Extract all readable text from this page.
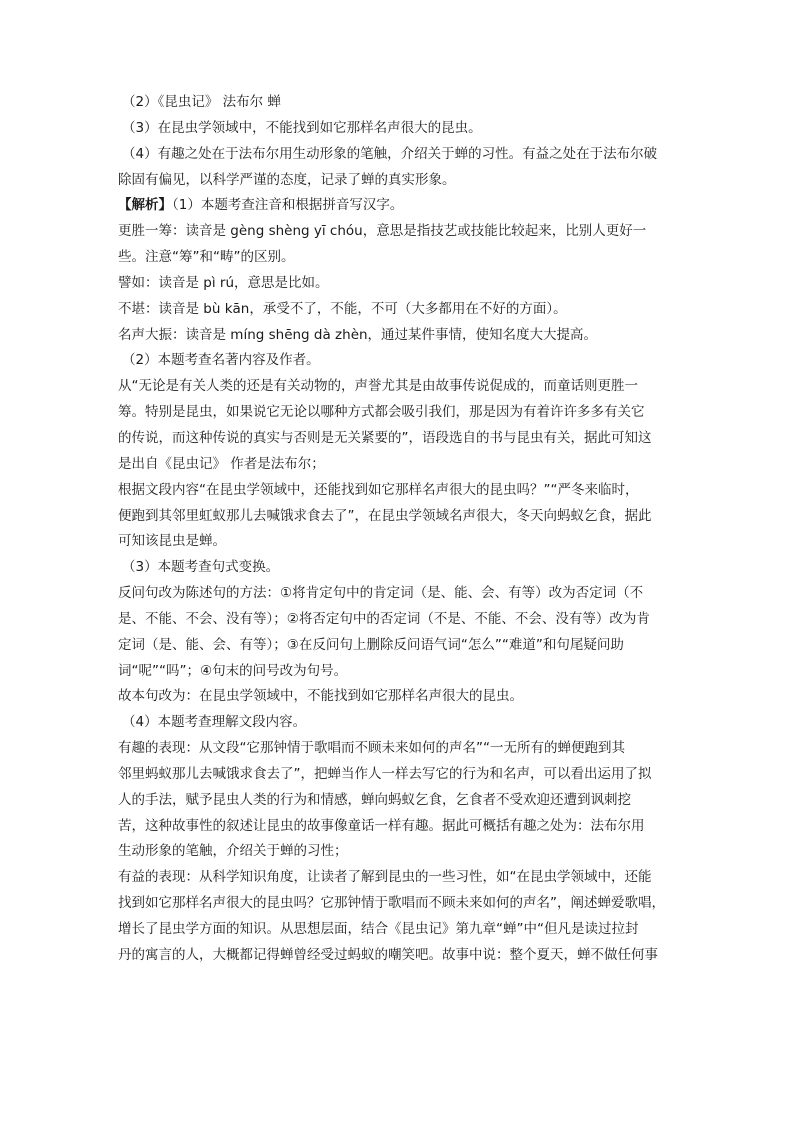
（2）《昆虫记》 法布尔 蝉
（3）在昆虫学领域中，不能找到如它那样名声很大的昆虫。
（4）有趣之处在于法布尔用生动形象的笔触，介绍关于蝉的习性。有益之处在于法布尔破
除固有偏见，以科学严谨的态度，记录了蝉的真实形象。
【解析】（1）本题考查注音和根据拼音写汉字。
更胜一筹：读音是 gèng shèng yī chóu，意思是指技艺或技能比较起来，比别人更好一
些。注意“筹”和“畴”的区别。
譬如：读音是 pì rú，意思是比如。
不堪：读音是 bù kān，承受不了，不能，不可（大多都用在不好的方面）。
名声大振：读音是 míng shēng dà zhèn，通过某件事情，使知名度大大提高。
（2）本题考查名著内容及作者。
从“无论是有关人类的还是有关动物的，声誉尤其是由故事传说促成的，而童话则更胜一
筹。特别是昆虫，如果说它无论以哪种方式都会吸引我们，那是因为有着许许多多有关它
的传说，而这种传说的真实与否则是无关紧要的”，语段选自的书与昆虫有关，据此可知这
是出自《昆虫记》 作者是法布尔；
根据文段内容“在昆虫学领域中，还能找到如它那样名声很大的昆虫吗？”“严冬来临时，
便跑到其邻里虹蚁那儿去喊饿求食去了”，在昆虫学领域名声很大，冬天向蚂蚁乞食，据此
可知该昆虫是蝉。
（3）本题考查句式变换。
反问句改为陈述句的方法：①将肯定句中的肯定词（是、能、会、有等）改为否定词（不
是、不能、不会、没有等）；②将否定句中的否定词（不是、不能、不会、没有等）改为肯
定词（是、能、会、有等）；③在反问句上删除反问语气词“怎么”“难道”和句尾疑问助
词“呢”“吗”；④句末的问号改为句号。
故本句改为：在昆虫学领域中，不能找到如它那样名声很大的昆虫。
（4）本题考查理解文段内容。
有趣的表现：从文段“它那钟情于歌唱而不顾未来如何的声名”“一无所有的蝉便跑到其
邻里蚂蚁那儿去喊饿求食去了”，把蝉当作人一样去写它的行为和名声，可以看出运用了拟
人的手法，赋予昆虫人类的行为和情感，蝉向蚂蚁乞食，乞食者不受欢迎还遭到讽刺挖
苦，这种故事性的叙述让昆虫的故事像童话一样有趣。据此可概括有趣之处为：法布尔用
生动形象的笔触，介绍关于蝉的习性；
有益的表现：从科学知识角度，让读者了解到昆虫的一些习性，如“在昆虫学领域中，还能
找到如它那样名声很大的昆虫吗？它那钟情于歌唱而不顾未来如何的声名”，阐述蝉爱歌唱，
增长了昆虫学方面的知识。从思想层面，结合《昆虫记》第九章“蝉”中“但凡是读过拉封
丹的寓言的人，大概都记得蝉曾经受过蚂蚁的嘲笑吧。故事中说：整个夏天，蝉不做任何事
